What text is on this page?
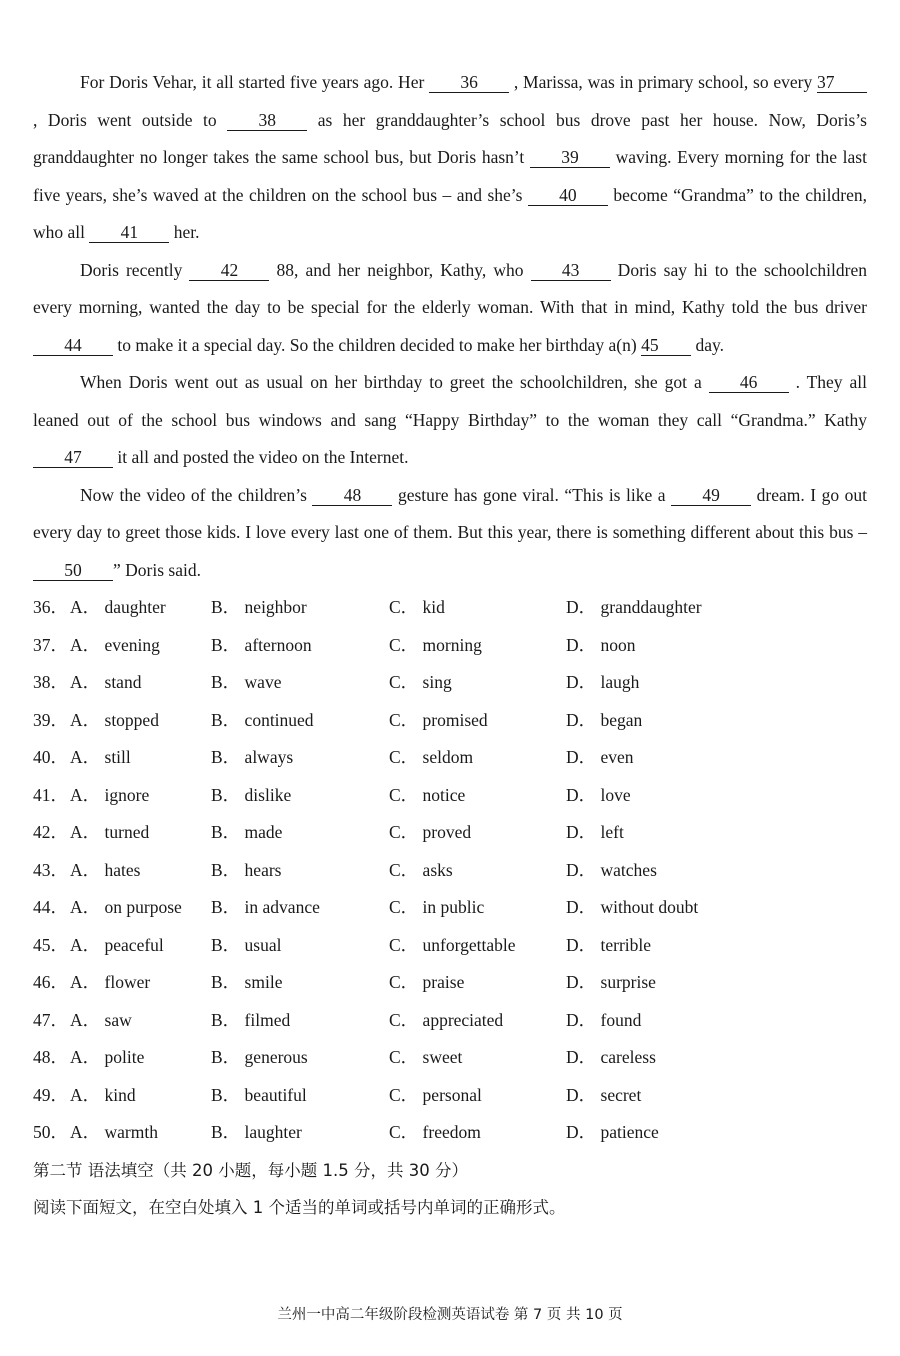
For Doris Vehar, it all started five years ago. Her 36 , Marissa, was in primary school, so every 37 , Doris went outside to 38 as her granddaughter’s school bus drove past her house. Now, Doris’s granddaughter no longer takes the same school bus, but Doris hasn’t 39 waving. Every morning for the last five years, she’s waved at the children on the school bus – and she’s 40 become “Grandma” to the children, who all 41 her.

Doris recently 42 88, and her neighbor, Kathy, who 43 Doris say hi to the schoolchildren every morning, wanted the day to be special for the elderly woman. With that in mind, Kathy told the bus driver 44 to make it a special day. So the children decided to make her birthday a(n) 45 day.

When Doris went out as usual on her birthday to greet the schoolchildren, she got a 46 . They all leaned out of the school bus windows and sang “Happy Birthday” to the woman they call “Grandma.” Kathy 47 it all and posted the video on the Internet.

Now the video of the children’s 48 gesture has gone viral. “This is like a 49 dream. I go out every day to greet those kids. I love every last one of them. But this year, there is something different about this bus – 50 ” Doris said.

36． A． daughter	B． neighbor	C． kid	D． granddaughter
37． A． evening	B． afternoon	C． morning	D． noon
38． A． stand	B． wave	C． sing	D． laugh
39． A． stopped	B． continued	C． promised	D． began
40． A． still	B． always	C． seldom	D． even
41． A． ignore	B． dislike	C． notice	D． love
42． A． turned	B． made	C． proved	D． left
43． A． hates	B． hears	C． asks	D． watches
44． A． on purpose B． in advance	C． in public	D． without doubt
45． A． peaceful	B． usual	C． unforgettable	D． terrible
46． A． flower	B． smile	C． praise	D． surprise
47． A． saw	B． filmed	C． appreciated	D． found
48． A． polite	B． generous	C． sweet	D． careless
49． A． kind	B． beautiful	C． personal	D． secret
50． A． warmth	B． laughter	C． freedom	D． patience

第二节 语法填空（共 20 小题，每小题 1.5 分，共 30 分）

阅读下面短文，在空白处填入 1 个适当的单词或括号内单词的正确形式。

兰州一中高二年级阶段检测英语试卷 第 7 页 共 10 页
